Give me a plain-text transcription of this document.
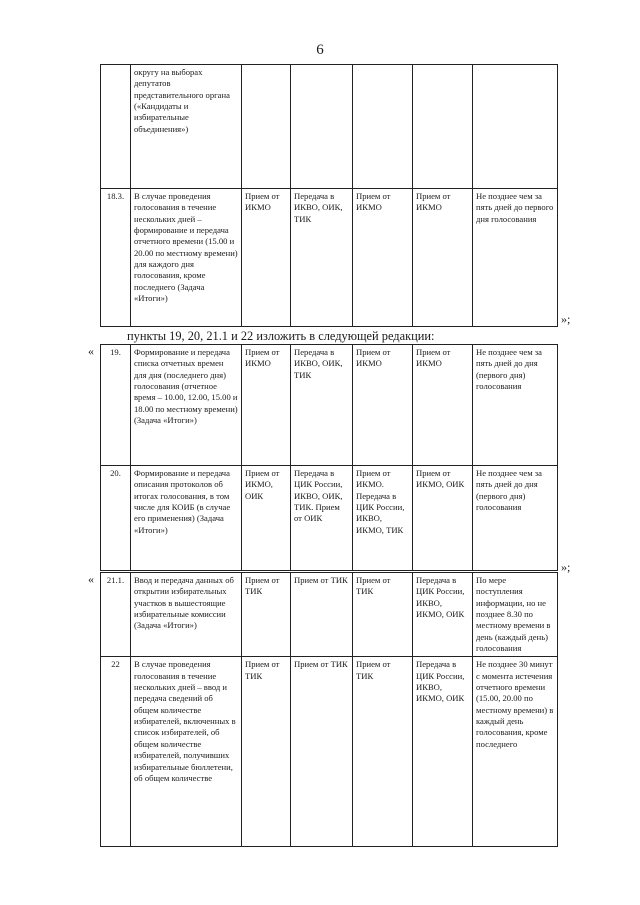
6
	округу на выборах депутатов представительного органа («Кандидаты и избирательные объединения»)					
18.3.	В случае проведения голосования в течение нескольких дней – формирование и передача отчетного времени (15.00 и 20.00 по местному времени) для каждого дня голосования, кроме последнего (Задача «Итоги»)	Прием от ИКМО	Передача в ИКВО, ОИК, ТИК	Прием от ИКМО	Прием от ИКМО	Не позднее чем за пять дней до первого дня голосования
»;
пункты 19, 20, 21.1 и 22 изложить в следующей редакции:
« 19.	Формирование и передача списка отчетных времен для дня (последнего дня) голосования (отчетное время – 10.00, 12.00, 15.00 и 18.00 по местному времени) (Задача «Итоги»)	Прием от ИКМО	Передача в ИКВО, ОИК, ТИК	Прием от ИКМО	Прием от ИКМО	Не позднее чем за пять дней до дня (первого дня) голосования
20.	Формирование и передача описания протоколов об итогах голосования, в том числе для КОИБ (в случае его применения) (Задача «Итоги»)	Прием от ИКМО, ОИК	Передача в ЦИК России, ИКВО, ОИК, ТИК. Прием от ОИК	Прием от ИКМО. Передача в ЦИК России, ИКВО, ИКМО, ТИК	Прием от ИКМО, ОИК	Не позднее чем за пять дней до дня (первого дня) голосования
»;
« 21.1.	Ввод и передача данных об открытии избирательных участков в вышестоящие избирательные комиссии (Задача «Итоги»)	Прием от ТИК	Прием от ТИК	Прием от ТИК	Передача в ЦИК России, ИКВО, ИКМО, ОИК	По мере поступления информации, но не позднее 8.30 по местному времени в день (каждый день) голосования
22	В случае проведения голосования в течение нескольких дней – ввод и передача сведений об общем количестве избирателей, включенных в список избирателей, об общем количестве избирателей, получивших избирательные бюллетени, об общем количестве	Прием от ТИК	Прием от ТИК	Прием от ТИК	Передача в ЦИК России, ИКВО, ИКМО, ОИК	Не позднее 30 минут с момента истечения отчетного времени (15.00, 20.00 по местному времени) в каждый день голосования, кроме последнего
